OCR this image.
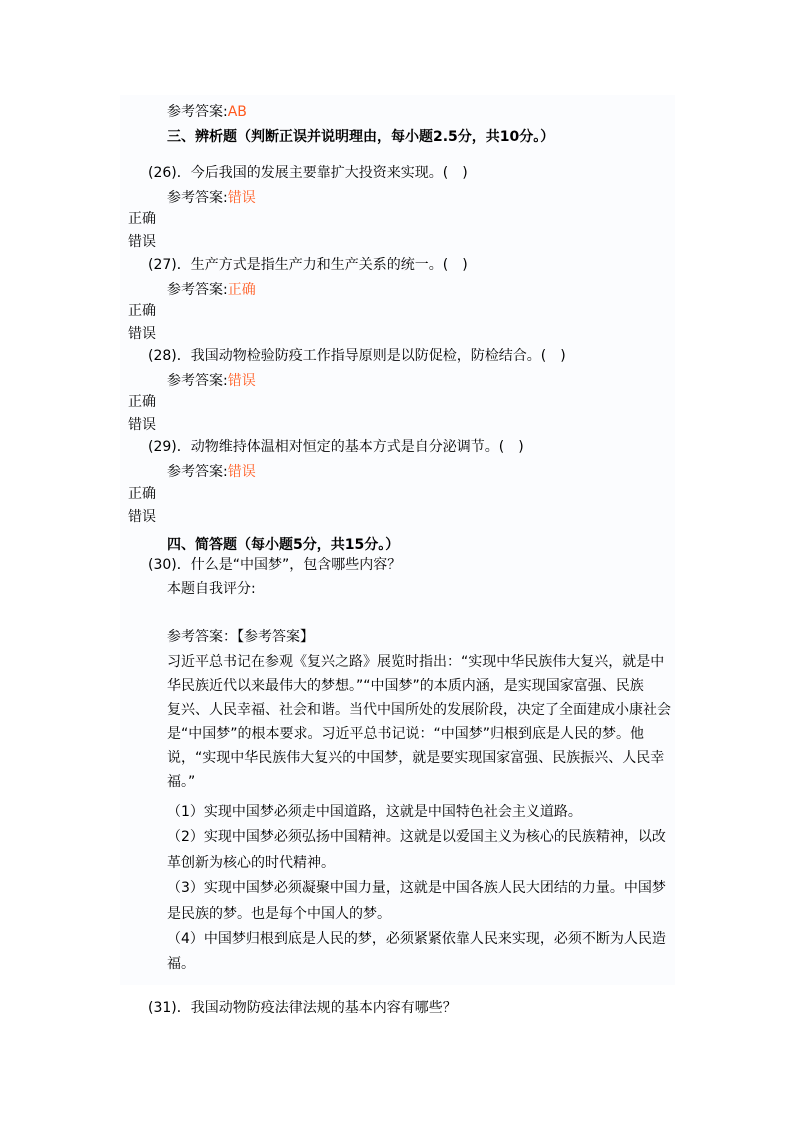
参考答案:AB
三、辨析题（判断正误并说明理由，每小题2.5分，共10分。）
(26)．今后我国的发展主要靠扩大投资来实现。(　)
参考答案:错误
正确
错误
(27)．生产方式是指生产力和生产关系的统一。(　)
参考答案:正确
正确
错误
(28)．我国动物检验防疫工作指导原则是以防促检，防检结合。(　)
参考答案:错误
正确
错误
(29)．动物维持体温相对恒定的基本方式是自分泌调节。(　)
参考答案:错误
正确
错误
四、简答题（每小题5分，共15分。）
(30)．什么是“中国梦”，包含哪些内容？
本题自我评分:
参考答案：【参考答案】
习近平总书记在参观《复兴之路》展览时指出：“实现中华民族伟大复兴，就是中
华民族近代以来最伟大的梦想。”“中国梦”的本质内涵，是实现国家富强、民族
复兴、人民幸福、社会和谐。当代中国所处的发展阶段，决定了全面建成小康社会
是“中国梦”的根本要求。习近平总书记说：“中国梦”归根到底是人民的梦。他
说，“实现中华民族伟大复兴的中国梦，就是要实现国家富强、民族振兴、人民幸
福。”
（1）实现中国梦必须走中国道路，这就是中国特色社会主义道路。
（2）实现中国梦必须弘扬中国精神。这就是以爱国主义为核心的民族精神，以改
革创新为核心的时代精神。
（3）实现中国梦必须凝聚中国力量，这就是中国各族人民大团结的力量。中国梦
是民族的梦。也是每个中国人的梦。
（4）中国梦归根到底是人民的梦，必须紧紧依靠人民来实现，必须不断为人民造
福。
(31)．我国动物防疫法律法规的基本内容有哪些？
